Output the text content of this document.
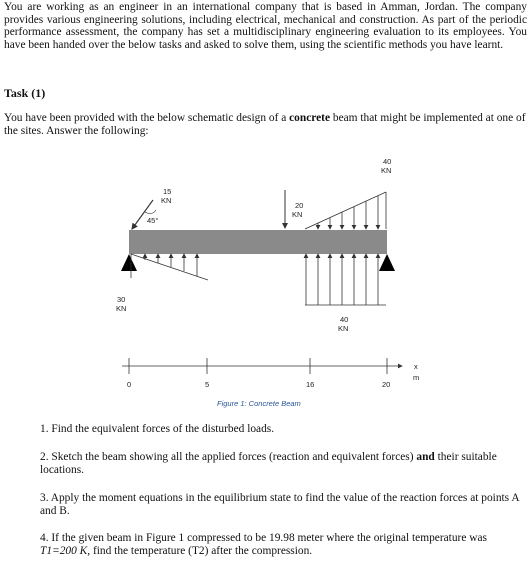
You are working as an engineer in an international company that is based in Amman, Jordan. The company provides various engineering solutions, including electrical, mechanical and construction. As part of the periodic performance assessment, the company has set a multidisciplinary engineering evaluation to its employees. You have been handed over the below tasks and asked to solve them, using the scientific methods you have learnt.
Task (1)
You have been provided with the below schematic design of a concrete beam that might be implemented at one of the sites. Answer the following:
15
KN
45°
20
KN
40
KN
30
KN
40
KN
0	5	16	20
x
m
Figure 1: Concrete Beam
1. Find the equivalent forces of the disturbed loads.
2. Sketch the beam showing all the applied forces (reaction and equivalent forces) and their suitable locations.
3. Apply the moment equations in the equilibrium state to find the value of the reaction forces at points A and B.
4. If the given beam in Figure 1 compressed to be 19.98 meter where the original temperature was T1=200 K, find the temperature (T2) after the compression.
